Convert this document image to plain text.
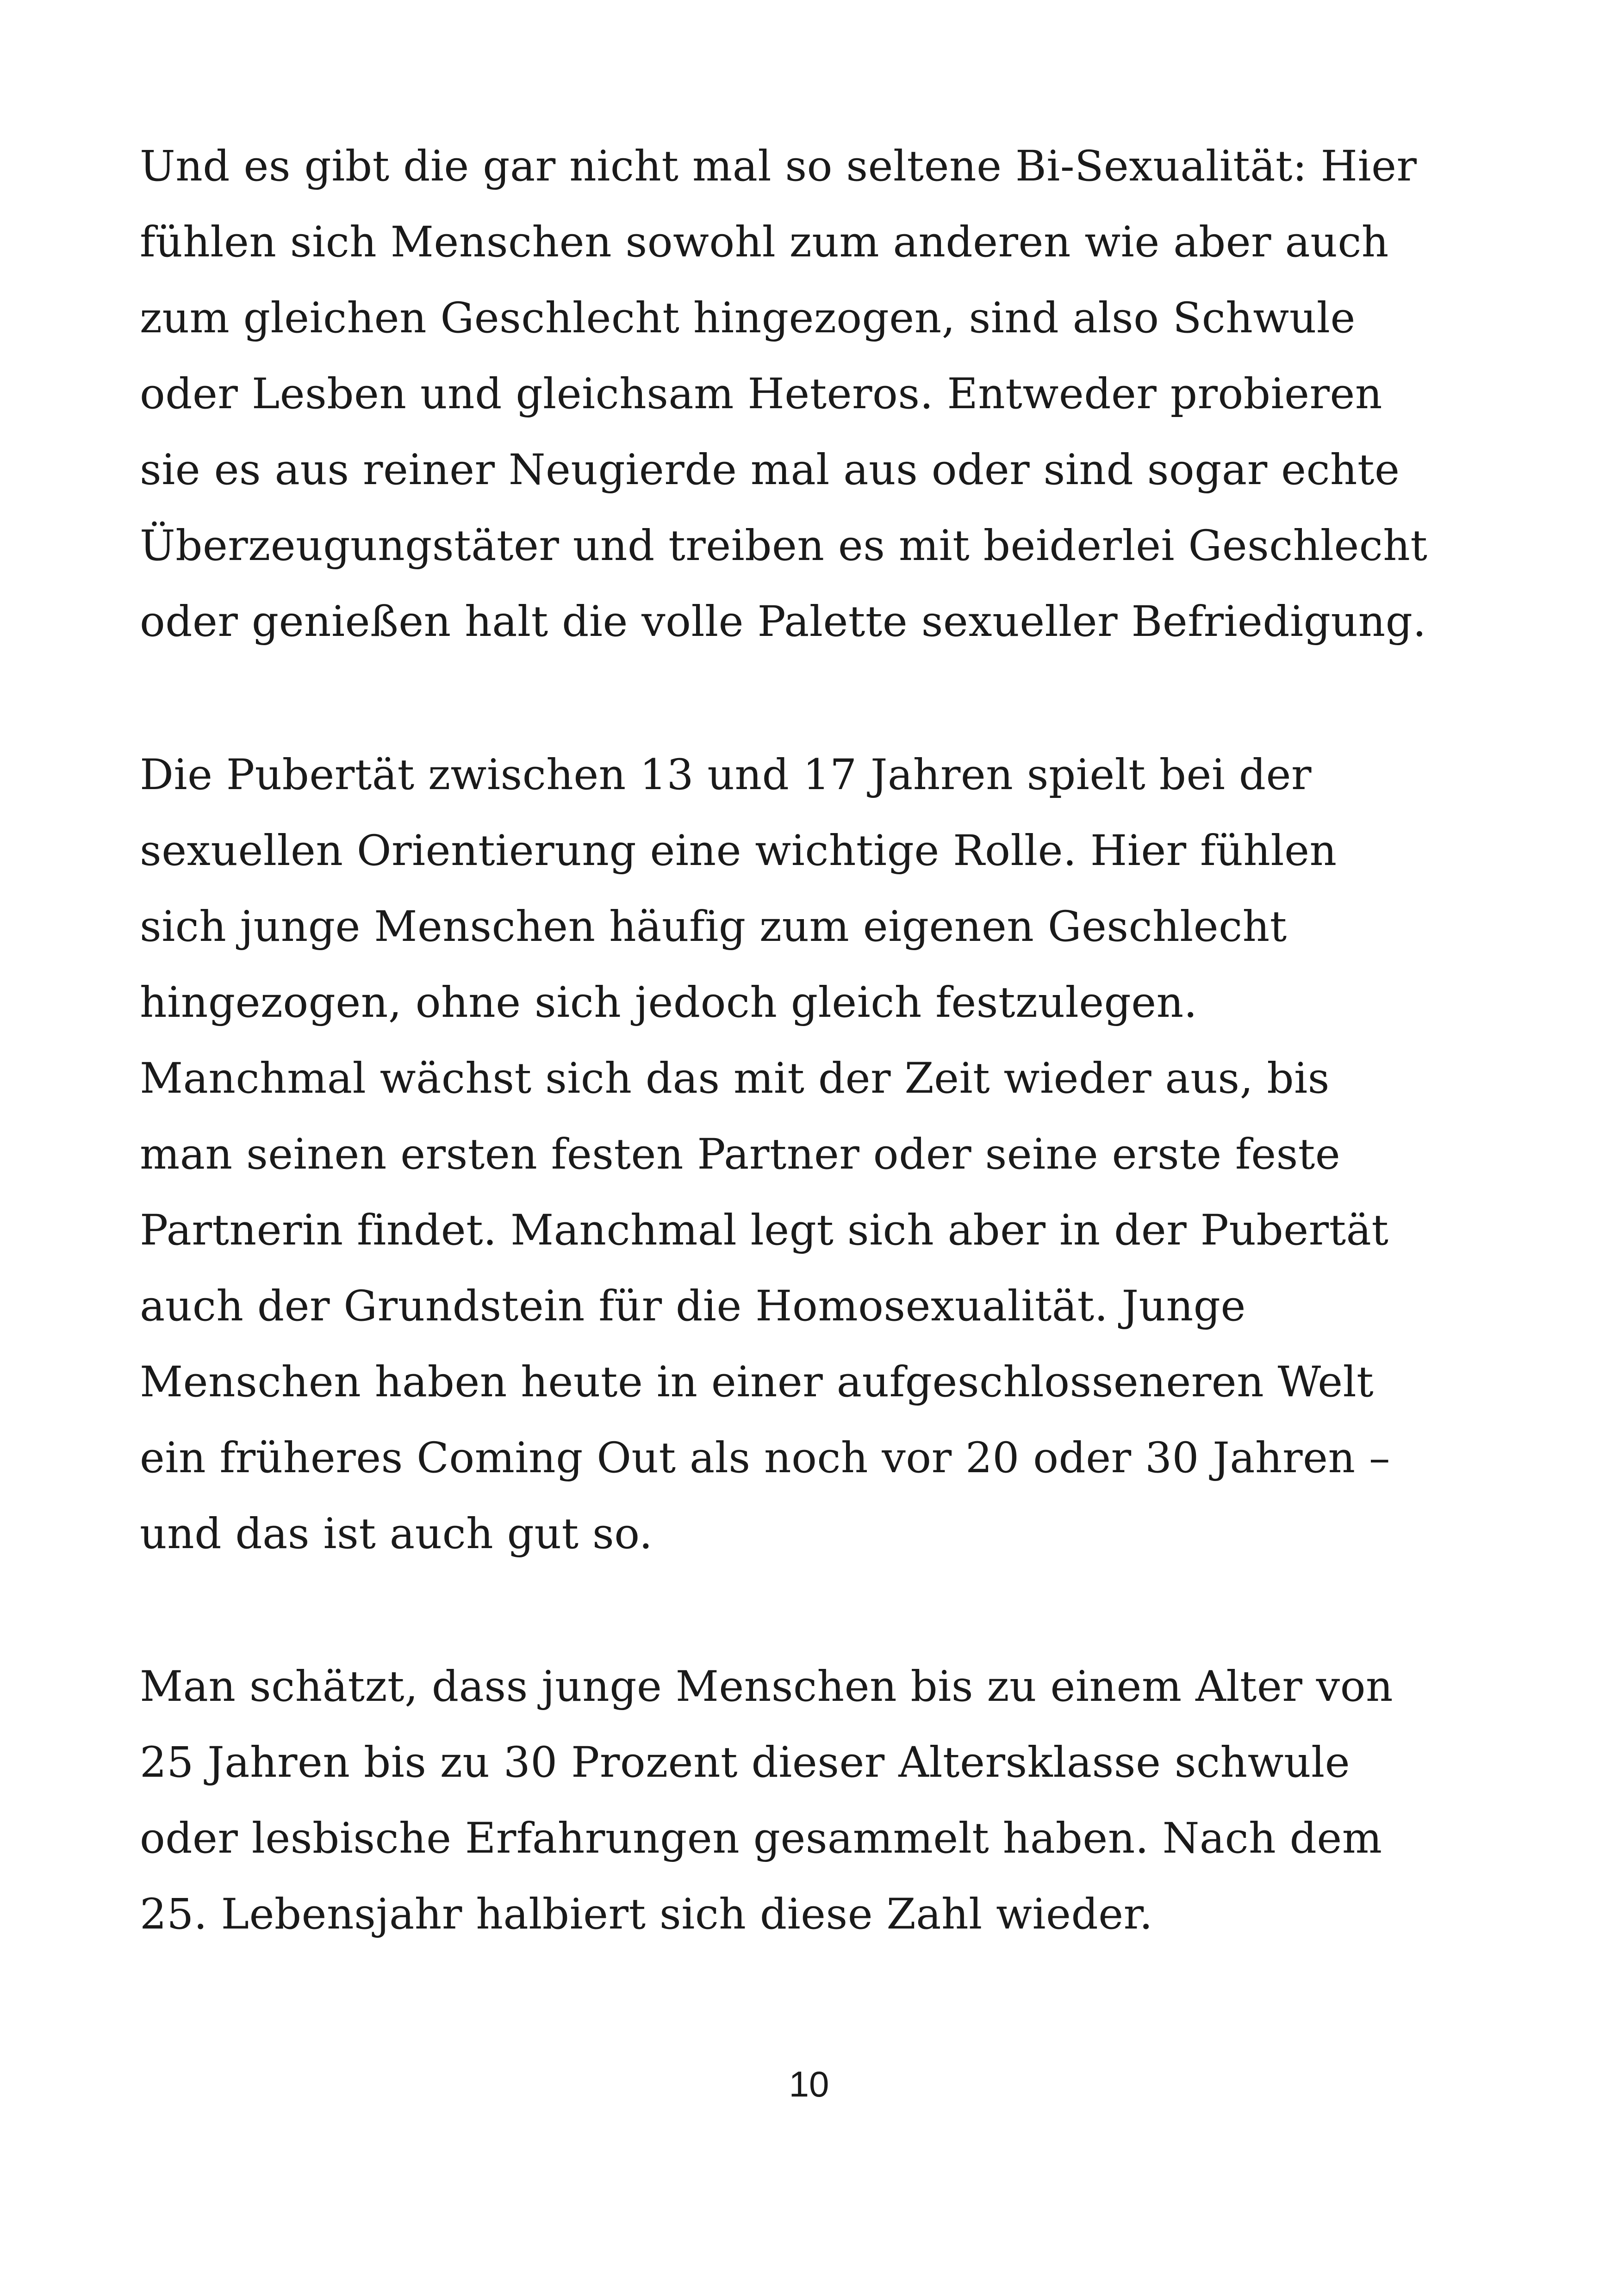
Und es gibt die gar nicht mal so seltene Bi-Sexualität: Hier
fühlen sich Menschen sowohl zum anderen wie aber auch
zum gleichen Geschlecht hingezogen, sind also Schwule
oder Lesben und gleichsam Heteros. Entweder probieren
sie es aus reiner Neugierde mal aus oder sind sogar echte
Überzeugungstäter und treiben es mit beiderlei Geschlecht
oder genießen halt die volle Palette sexueller Befriedigung.
Die Pubertät zwischen 13 und 17 Jahren spielt bei der
sexuellen Orientierung eine wichtige Rolle. Hier fühlen
sich junge Menschen häufig zum eigenen Geschlecht
hingezogen, ohne sich jedoch gleich festzulegen.
Manchmal wächst sich das mit der Zeit wieder aus, bis
man seinen ersten festen Partner oder seine erste feste
Partnerin findet. Manchmal legt sich aber in der Pubertät
auch der Grundstein für die Homosexualität. Junge
Menschen haben heute in einer aufgeschlosseneren Welt
ein früheres Coming Out als noch vor 20 oder 30 Jahren –
und das ist auch gut so.
Man schätzt, dass junge Menschen bis zu einem Alter von
25 Jahren bis zu 30 Prozent dieser Altersklasse schwule
oder lesbische Erfahrungen gesammelt haben. Nach dem
25. Lebensjahr halbiert sich diese Zahl wieder.
10
